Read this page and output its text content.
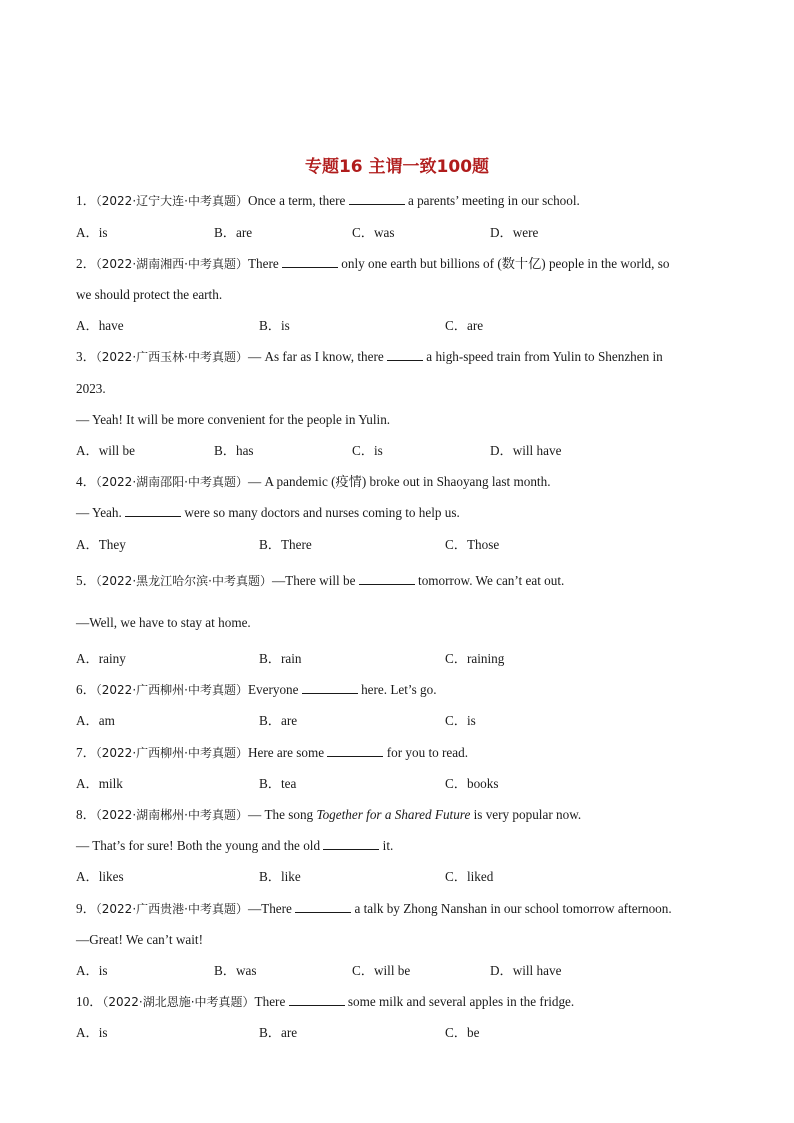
专题16 主谓一致100题
1．（2022·辽宁大连·中考真题）Once a term, there	a parents’ meeting in our school.
A．is	B．are	C．was	D．were
2．（2022·湖南湘西·中考真题）There	only one earth but billions of (数十亿) people in the world, so
we should protect the earth.
A．have	B．is	C．are
3．（2022·广西玉林·中考真题）— As far as I know, there	a high-speed train from Yulin to Shenzhen in
2023.
— Yeah! It will be more convenient for the people in Yulin.
A．will be	B．has	C．is	D．will have
4．（2022·湖南邵阳·中考真题）— A pandemic (疫情) broke out in Shaoyang last month.
— Yeah.	were so many doctors and nurses coming to help us.
A．They	B．There	C．Those
5．（2022·黑龙江哈尔滨·中考真题）—There will be	tomorrow. We can’t eat out.
—Well, we have to stay at home.
A．rainy	B．rain	C．raining
6．（2022·广西柳州·中考真题）Everyone	here. Let’s go.
A．am	B．are	C．is
7．（2022·广西柳州·中考真题）Here are some	for you to read.
A．milk	B．tea	C．books
8．（2022·湖南郴州·中考真题）— The song Together for a Shared Future is very popular now.
— That’s for sure! Both the young and the old	it.
A．likes	B．like	C．liked
9．（2022·广西贵港·中考真题）—There	a talk by Zhong Nanshan in our school tomorrow afternoon.
—Great! We can’t wait!
A．is	B．was	C．will be	D．will have
10．（2022·湖北恩施·中考真题）There	some milk and several apples in the fridge.
A．is	B．are	C．be
